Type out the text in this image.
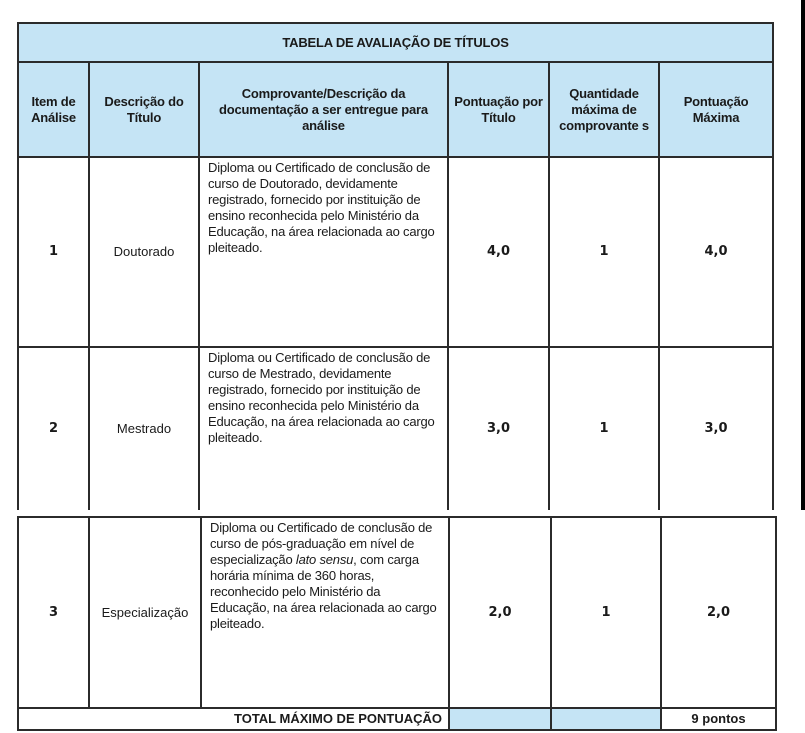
TABELA DE AVALIAÇÃO DE TÍTULOS					
Item de Análise	Descrição do Título	Comprovante/Descrição da documentação a ser entregue para análise	Pontuação por Título	Quantidade máxima de comprovante s	Pontuação Máxima
1	Doutorado	Diploma ou Certificado de conclusão de curso de Doutorado, devidamente registrado, fornecido por instituição de ensino reconhecida pelo Ministério da Educação, na área relacionada ao cargo pleiteado.	4,0	1	4,0
2	Mestrado	Diploma ou Certificado de conclusão de curso de Mestrado, devidamente registrado, fornecido por instituição de ensino reconhecida pelo Ministério da Educação, na área relacionada ao cargo pleiteado.	3,0	1	3,0
3	Especialização	Diploma ou Certificado de conclusão de curso de pós-graduação em nível de especialização lato sensu, com carga horária mínima de 360 horas, reconhecido pelo Ministério da Educação, na área relacionada ao cargo pleiteado.	2,0	1	2,0
TOTAL MÁXIMO DE PONTUAÇÃO					9 pontos
